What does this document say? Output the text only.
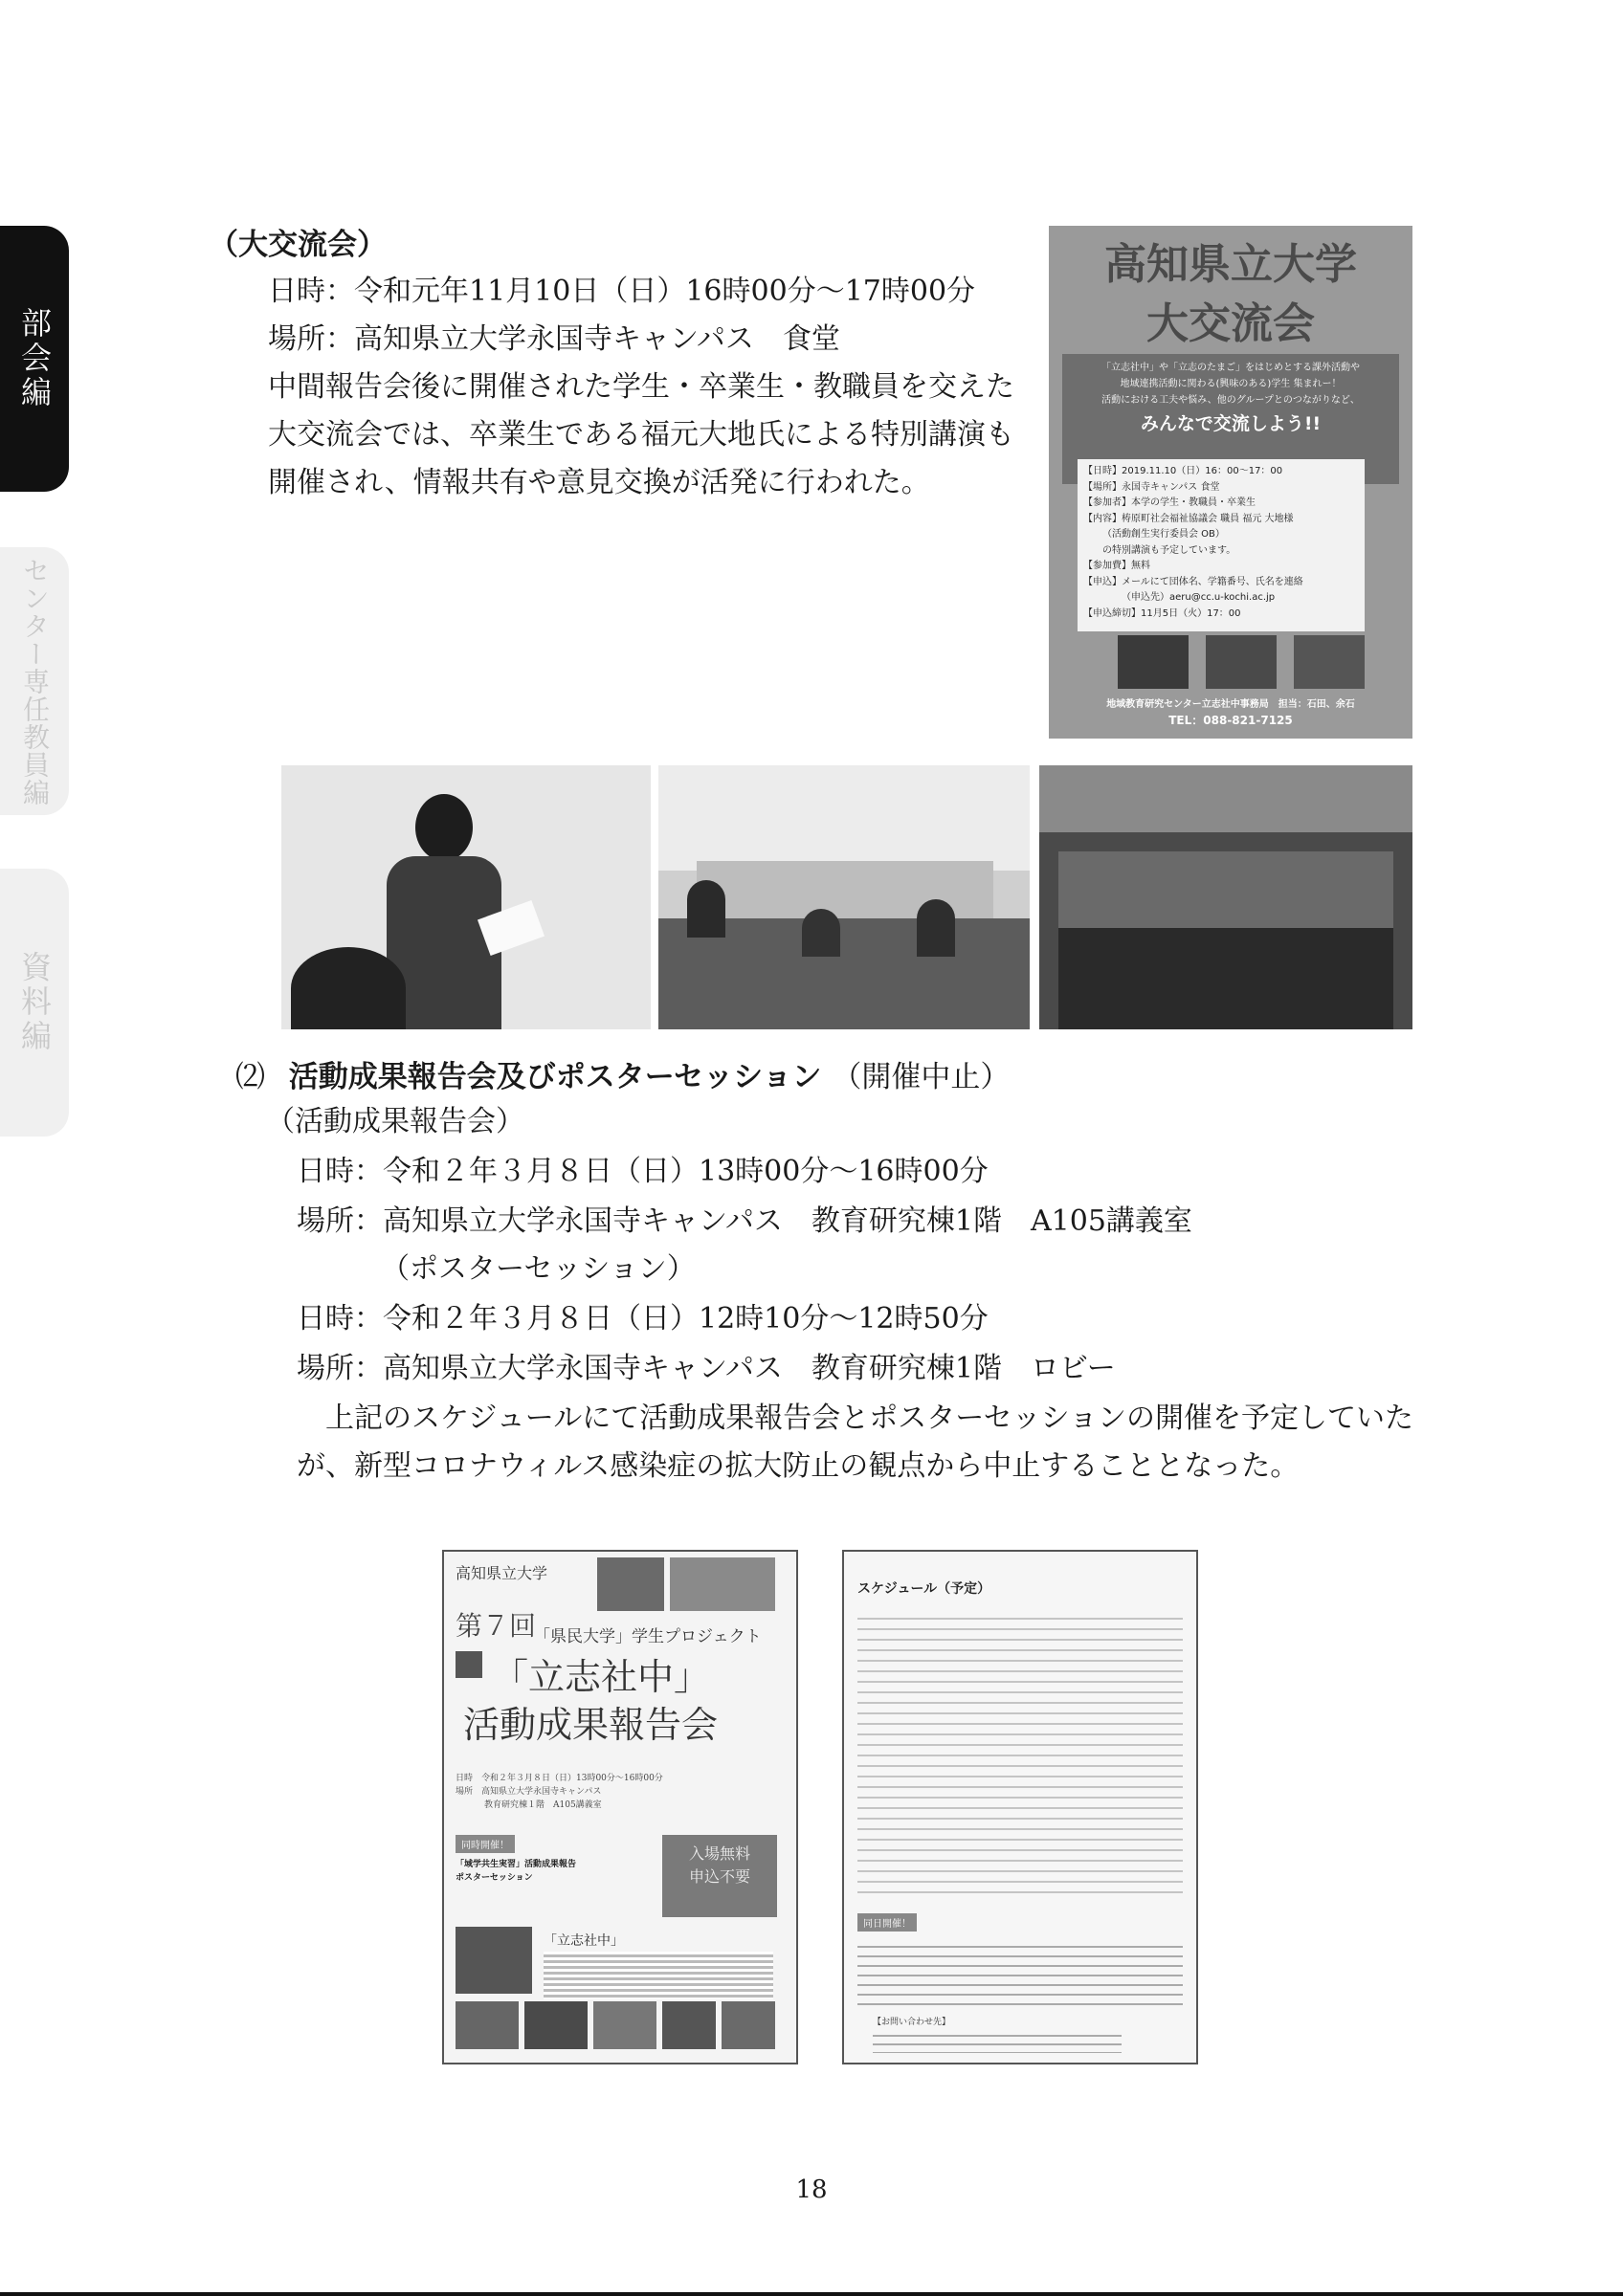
部会編
センター専任教員編
資料編
（大交流会）
日時：令和元年11月10日（日）16時00分～17時00分
場所：高知県立大学永国寺キャンパス　食堂
中間報告会後に開催された学生・卒業生・教職員を交えた
大交流会では、卒業生である福元大地氏による特別講演も
開催され、情報共有や意見交換が活発に行われた。
高知県立大学
大交流会
「立志社中」や「立志のたまご」をはじめとする課外活動や
地域連携活動に関わる(興味のある)学生 集まれー！
活動における工夫や悩み、他のグループとのつながりなど、
みんなで交流しよう!!
【日時】2019.11.10（日）16：00～17：00
【場所】永国寺キャンパス 食堂
【参加者】本学の学生・教職員・卒業生
【内容】梼原町社会福祉協議会 職員 福元 大地様
（活動創生実行委員会 OB）
の特別講演も予定しています。
【参加費】無料
【申込】メールにて団体名、学籍番号、氏名を連絡
（申込先）aeru@cc.u-kochi.ac.jp
【申込締切】11月5日（火）17：00
地域教育研究センター立志社中事務局　担当：石田、余石
TEL：088-821-7125
⑵ 活動成果報告会及びポスターセッション （開催中止）
（活動成果報告会）
日時：令和２年３月８日（日）13時00分～16時00分
場所：高知県立大学永国寺キャンパス　教育研究棟1階　A105講義室
（ポスターセッション）
日時：令和２年３月８日（日）12時10分～12時50分
場所：高知県立大学永国寺キャンパス　教育研究棟1階　ロビー
上記のスケジュールにて活動成果報告会とポスターセッションの開催を予定していた
が、新型コロナウィルス感染症の拡大防止の観点から中止することとなった。
高知県立大学
第７回
「県民大学」学生プロジェクト
「立志社中」
活動成果報告会
日時　令和２年３月８日（日）13時00分～16時00分
場所　高知県立大学永国寺キャンパス
教育研究棟１階　A105講義室
同時開催！
「域学共生実習」活動成果報告
ポスターセッション
入場無料
申込不要
「立志社中」
スケジュール（予定）
同日開催！
【お問い合わせ先】
18
